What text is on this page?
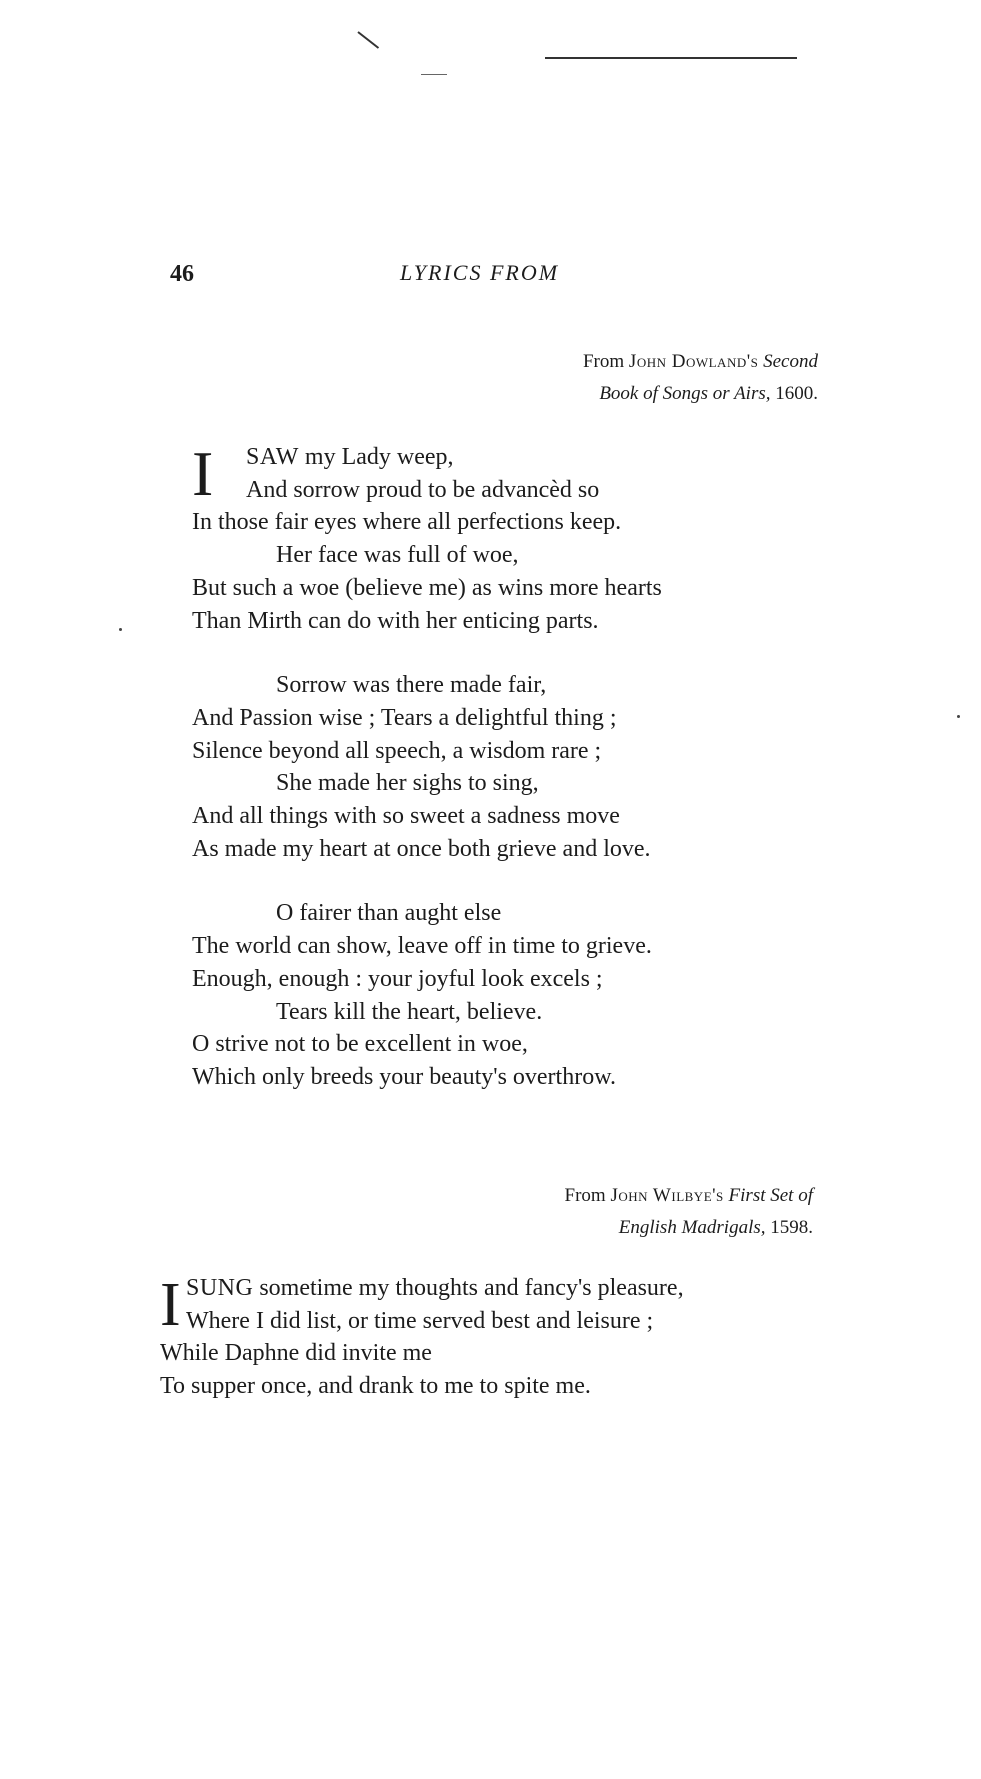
46	LYRICS FROM
From John Dowland's Second
Book of Songs or Airs, 1600.
I SAW my Lady weep,
And sorrow proud to be advancèd so
In those fair eyes where all perfections keep.
Her face was full of woe,
But such a woe (believe me) as wins more hearts
Than Mirth can do with her enticing parts.
Sorrow was there made fair,
And Passion wise ; Tears a delightful thing ;
Silence beyond all speech, a wisdom rare ;
She made her sighs to sing,
And all things with so sweet a sadness move
As made my heart at once both grieve and love.
O fairer than aught else
The world can show, leave off in time to grieve.
Enough, enough : your joyful look excels ;
Tears kill the heart, believe.
O strive not to be excellent in woe,
Which only breeds your beauty's overthrow.
From John Wilbye's First Set of
English Madrigals, 1598.
I SUNG sometime my thoughts and fancy's pleasure,
Where I did list, or time served best and leisure ;
While Daphne did invite me
To supper once, and drank to me to spite me.
